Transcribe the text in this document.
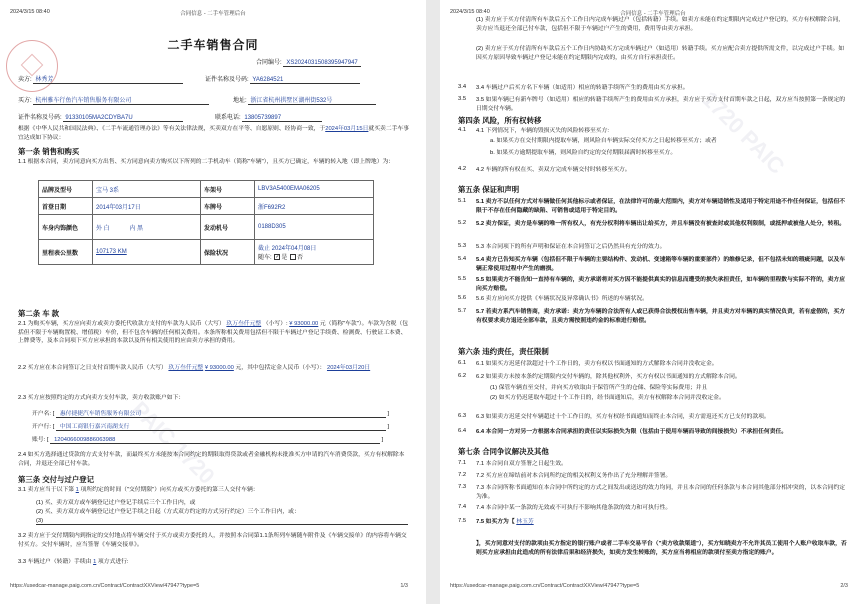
2024/3/15 08:40	合同信息 - 二手车管理后台
PAIC 1720
二手车销售合同
合同编号: XS2024031508395947947
卖方: 林秀芳	证件名称及号码: YA6284521
买方: 杭州雅车行鱼汽车销售服务有限公司	地址: 浙江省杭州拱墅区湖州街532号
证件名称及号码: 91330105MA2CDYBA7U	联系电话: 13805739897
根据《中华人民共和国民法典》、《二手车流通管理办法》等有关法律法规，买卖双方在平等、自愿原则、经协商一致，于2024年03月15日就买卖二手车事宜达成如下协议：
第一条 销售和购买
1.1 根据本合同，卖方同意向买方出售、买方同意向卖方购买以下所列的二手机动车（简称"车辆"），且买方已确定，车辆的转入地（即上牌地）为：
品牌及型号	宝马 3系	车架号	LBV3A5400EMA06205
首登日期	2014年03月17日	车牌号	浙F692R2
车身内饰颜色	外 白 内 黑	发动机号	0188D305
里程表公里数	107173 KM	保险状况	截止 2024年04月08日
随车: ✓ 是 否
第二条 车 款
2.1 为购买车辆，买方应向卖方或卖方委托代收款方支付的车款为人民币（大写） 玖万叁仟元整 （小写）: ¥ 93000.00 元（简称"车款"）。车款为含税（包括但不限于车辆购置税、增值税）车价，但不包含车辆的任何相关费用。本条所称相关费用包括但不限于车辆过户登记手续费、检测费、行驶证工本费、上牌费等，及本合同项下买方应承担的本款以及所有相关使用的应由卖方承担的费用。
2.2 买方应在本合同签订之日支付首期车款人民币（大写） 玖万叁仟元整 ¥ 93000.00 元，其中包括定金人民币（小写）： 2024年03月20日
2.3 买方应按照约定的方式向卖方支付车款，卖方收款账户如下：
开户名: [ 惠付捷捷汽车销售服务有限公司	]
开户行: [ 中国工商银行嘉兴南湖支行	]
账号: [ 1204066009886063988	]
2.4 如买方选择通过贷款的方式支付车款，而最终买方未能按本合同约定的期限取得贷款或者金融机构未批准买方申请的汽车消费贷款，买方有权解除本合同，并退还全部已付车款。
第三条 交付与过户登记
3.1 卖方应当于以下第 1 项所约定的时间（"交付期限"）向买方或买方委托的第三人交付车辆：
(1) 买、卖方双方或车辆登记过户登记手续后三个工作日内，或
(2) 买、卖方双方或车辆登记过户登记手续之日起（方式双方约定的方式另行约定）三个工作日内，或：
(3)
3.2 卖方应于交付期限内到指定的交付地点将车辆交付于买方或卖方委托的人，并按照本合同第1.1条所列车辆随车附件及《车辆交接单》的内容将车辆交付买方。交付车辆时，应当签署《车辆交接单》。
3.3 车辆过户（转籍）手续由 1 项方式进行:
https://usedcar-manage.paig.com.cn/Contract/ContractXXView/47947?type=5	1/3
2024/3/15 08:40	合同信息 - 二手车管理后台
1720 PAIC
(1) 卖方应于买方付清所有车款后五个工作日内完成车辆过户（包括转籍）手续。如卖方未能在约定期限内完成过户登记的，买方有权解除合同，卖方应当退还全部已付车款，包括但不限于车辆过户产生的费用，费用等由卖方承担。
(2) 卖方应于买方付清所有车款后五个工作日内协助买方完成车辆过户（如适用）转籍手续。买方应配合卖方提供所需文件，以完成过户手续。如因买方原因导致车辆过户登记未能在约定期限内完成的，由买方自行承担责任。
3.4 3.4 车辆过户后买方名下车辆（如适用）相应的转籍手续所产生的费用由买方承担。
3.5 3.5 如果车辆已有新车牌号（如适用）相应的转籍手续所产生的费用由买方承担，卖方应于买方支付首期车款之日起，双方应当按照第一条规定的日期交付车辆。
第四条 风险，所有权转移
4.1 4.1 下列情况下，车辆的毁损灭失的风险转移至买方:
a. 如果买方在交付期限内提取车辆，则风险自车辆实际交付买方之日起转移至买方；或者
b. 如果买方逾期提取车辆，则风险自约定的交付期限届满时转移至买方。
4.2 4.2 车辆的所有权在买、卖双方完成车辆交付时转移至买方。
第五条 保证和声明
5.1 5.1 卖方不以任何方式对车辆做任何其他标示或者保证，在法律许可的最大范围内，卖方对车辆适销性及适用于特定用途不作任何保证，包括但不限于不存在任何隐藏的缺陷、可销售或适用于特定目的。
5.2 5.2 卖方保证，卖方是车辆的唯一所有权人，有充分权利将车辆出让给买方，并且车辆没有被查封或其他权利限制，或抵押或被他人处分，转租。
5.3 5.3 本合同项下的所有声明和保证在本合同签订之后仍然具有充分的效力。
5.4 5.4 卖方已告知买方车辆（包括但不限于车辆的主要结构件、发动机、变速箱等车辆的重要部件）的维修记录，但不包括未知的瑕疵问题，以及车辆正常使用过程中产生的磨损。
5.5 5.5 如果卖方不能告知一直持有车辆的，卖方承诺将对买方因不能提供真实的信息而遭受的损失承担责任，如车辆的里程数与实际不符的，卖方应向买方赔偿。
5.6 5.6 卖方应向买方提供《车辆状况及异常确认书》所述的车辆状况。
5.7 5.7 若卖方系汽车销售商，卖方承诺：卖方为车辆的合法所有人或已获得合法授权出售车辆，并且卖方对车辆的真实情况负责，若有虚假的，买方有权要求卖方退还全部车款，且卖方需按照违约金的标准进行赔偿。
第六条 违约责任，责任限制
6.1 6.1 如果买方迟延付款超过十个工作日的，卖方有权以书面通知的方式解除本合同并没收定金。
6.2 6.2 如果卖方未按本条约定期限内交付车辆的，除其他权利外，买方有权以书面通知的方式解除本合同。
(1) 保管车辆直至交付，并向买方收取由于保管所产生的仓储、保险等实际费用；并且
(2) 如买方仍迟延取车超过十个工作日的，经书面通知后，卖方有权解除本合同并没收定金。
6.3 6.3 如果卖方迟延交付车辆超过十个工作日的，买方有权经书面通知而终止本合同，卖方需返还买方已支付的款项。
6.4 6.4 本合同一方对另一方根据本合同承担的责任以实际损失为限（包括由于使用车辆而导致的间接损失）不承担任何责任。
第七条 合同争议解决及其他
7.1 7.1 本合同自双方签署之日起生效。
7.2 7.2 买方应在缔结前对本合同所约定的相关权利义务作出了充分理解并签署。
7.3 7.3 本合同所称书面通知在本合同中所约定的方式之间发出或送达的效力均同，并且本合同的任何条款与本合同其他部分相冲突的，以本合同约定为准。
7.4 7.4 本合同中某一条款的无效或不可执行不影响其他条款的效力和可执行性。
7.5 7.5 如买方为【 林玉芳
】，买方同意对支付的款项由买方指定的银行账户或者二手车交易平台（"卖方收款渠道"），买方知晓卖方不允许其员工使用个人账户收取车款，否则买方应承担由此造成的所有法律后果和经济损失，如卖方发生转账的，买方应当将相应的款项付至卖方指定的账户。
https://usedcar-manage.paig.com.cn/Contract/ContractXXView/47947?type=5	2/3
